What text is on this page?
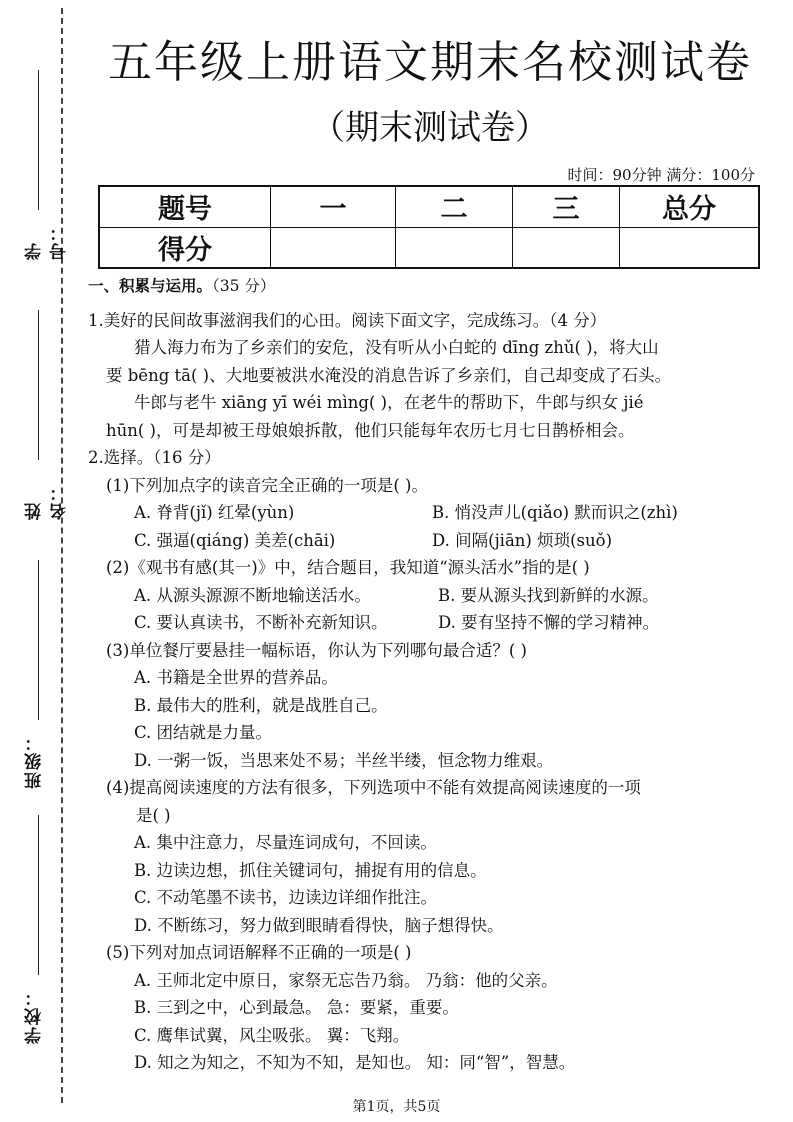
学号：
姓名：
班级：
学校：
五年级上册语文期末名校测试卷
（期末测试卷）
时间：90分钟 满分：100分
题号	一	二	三	总分
得分				

一、积累与运用。（35 分）

1.美好的民间故事滋润我们的心田。阅读下面文字，完成练习。（4 分）

猎人海力布为了乡亲们的安危，没有听从小白蛇的 dīng zhǔ( )，将大山

要 bēng tā( )、大地要被洪水淹没的消息告诉了乡亲们，自己却变成了石头。

牛郎与老牛 xiāng yī wéi mìng( )，在老牛的帮助下，牛郎与织女 jié

hūn( )，可是却被王母娘娘拆散，他们只能每年农历七月七日鹊桥相会。

2.选择。（16 分）

(1)下列加点字的读音完全正确的一项是( )。

A. 脊背(jǐ) 红晕(yùn)	B. 悄没声儿(qiǎo) 默而识之(zhì)

C. 强逼(qiáng) 美差(chāi)	D. 间隔(jiān) 烦琐(suǒ)

(2)《观书有感(其一)》中，结合题目，我知道“源头活水”指的是( )

A. 从源头源源不断地输送活水。	B. 要从源头找到新鲜的水源。

C. 要认真读书，不断补充新知识。	D. 要有坚持不懈的学习精神。

(3)单位餐厅要悬挂一幅标语，你认为下列哪句最合适？( )

A. 书籍是全世界的营养品。

B. 最伟大的胜利，就是战胜自己。

C. 团结就是力量。

D. 一粥一饭，当思来处不易；半丝半缕，恒念物力维艰。

(4)提高阅读速度的方法有很多，下列选项中不能有效提高阅读速度的一项

是( )

A. 集中注意力，尽量连词成句，不回读。

B. 边读边想，抓住关键词句，捕捉有用的信息。

C. 不动笔墨不读书，边读边详细作批注。

D. 不断练习，努力做到眼睛看得快，脑子想得快。

(5)下列对加点词语解释不正确的一项是( )

A. 王师北定中原日，家祭无忘告乃翁。 乃翁：他的父亲。

B. 三到之中，心到最急。 急：要紧，重要。

C. 鹰隼试翼，风尘吸张。 翼：飞翔。

D. 知之为知之，不知为不知，是知也。 知：同“智”，智慧。

第1页，共5页
